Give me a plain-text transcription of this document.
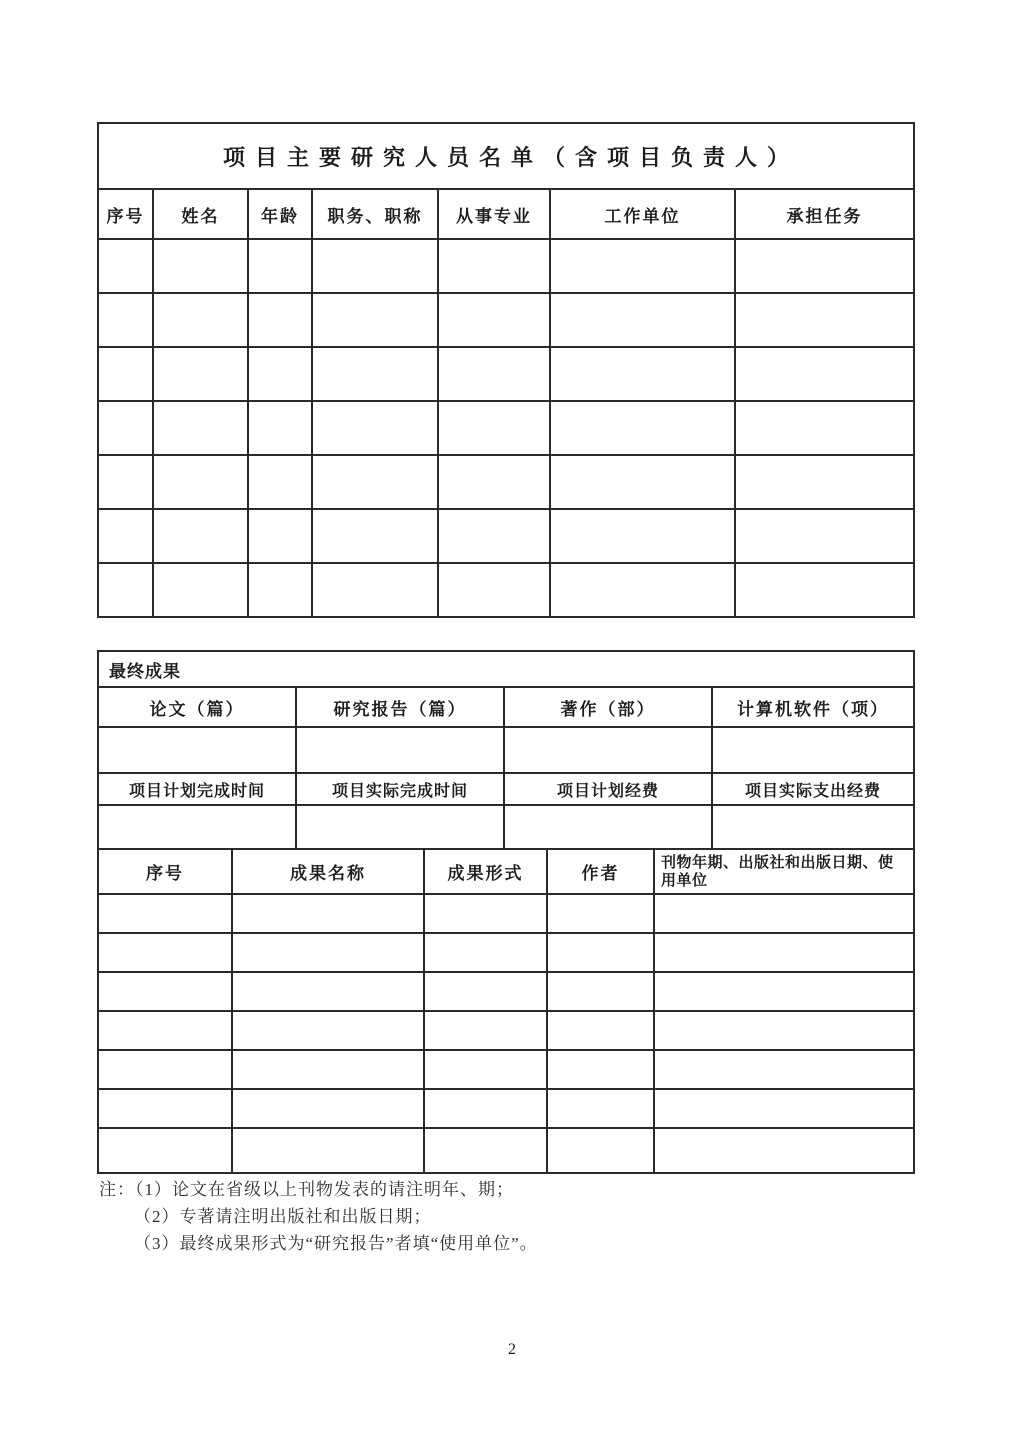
项目主要研究人员名单（含项目负责人）						
序号	姓名	年龄	职务、职称	从事专业	工作单位	承担任务

最终成果							
论文（篇）		研究报告（篇）		著作（部）			计算机软件（项）

项目计划完成时间		项目实际完成时间		项目计划经费			项目实际支出经费

序号	成果名称		成果形式		作者	刊物年期、出版社和出版日期、使用单位	

注：（1）论文在省级以上刊物发表的请注明年、期；
（2）专著请注明出版社和出版日期；
（3）最终成果形式为“研究报告”者填“使用单位”。
2
